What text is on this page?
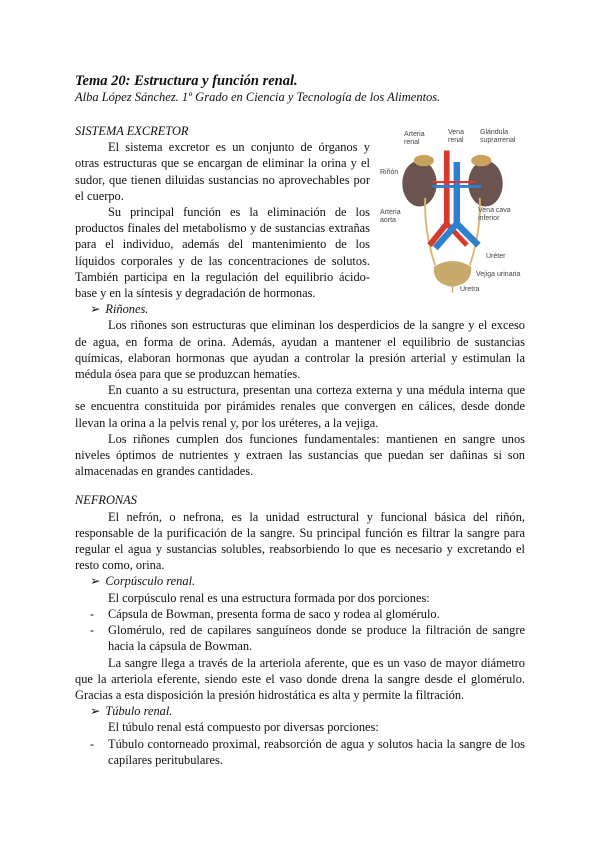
Tema 20: Estructura y función renal.
Alba López Sánchez. 1º Grado en Ciencia y Tecnología de los Alimentos.
Arteria renal
Riñón
Vena renal
Glándula suprarrenal
Arteria aorta
Vena cava inferior
Uréter
Vejiga urinaria
Uretra

SISTEMA EXCRETOR

El sistema excretor es un conjunto de órganos y otras estructuras que se encargan de eliminar la orina y el sudor, que tienen diluidas sustancias no aprovechables por el cuerpo.

Su principal función es la eliminación de los productos finales del metabolismo y de sustancias extrañas para el individuo, además del mantenimiento de los líquidos corporales y de las concentraciones de solutos. También participa en la regulación del equilibrio ácido-base y en la síntesis y degradación de hormonas.

➢ Riñones.

Los riñones son estructuras que eliminan los desperdicios de la sangre y el exceso de agua, en forma de orina. Además, ayudan a mantener el equilibrio de sustancias químicas, elaboran hormonas que ayudan a controlar la presión arterial y estimulan la médula ósea para que se produzcan hematíes.

En cuanto a su estructura, presentan una corteza externa y una médula interna que se encuentra constituida por pirámides renales que convergen en cálices, desde donde llevan la orina a la pelvis renal y, por los uréteres, a la vejiga.

Los riñones cumplen dos funciones fundamentales: mantienen en sangre unos niveles óptimos de nutrientes y extraen las sustancias que puedan ser dañinas si son almacenadas en grandes cantidades.

NEFRONAS

El nefrón, o nefrona, es la unidad estructural y funcional básica del riñón, responsable de la purificación de la sangre. Su principal función es filtrar la sangre para regular el agua y sustancias solubles, reabsorbiendo lo que es necesario y excretando el resto como, orina.

➢ Corpúsculo renal.

El corpúsculo renal es una estructura formada por dos porciones:

- Cápsula de Bowman, presenta forma de saco y rodea al glomérulo.

- Glomérulo, red de capilares sanguíneos donde se produce la filtración de sangre hacia la cápsula de Bowman.

La sangre llega a través de la arteriola aferente, que es un vaso de mayor diámetro que la arteriola eferente, siendo este el vaso donde drena la sangre desde el glomérulo. Gracias a esta disposición la presión hidrostática es alta y permite la filtración.

➢ Túbulo renal.

El túbulo renal está compuesto por diversas porciones:

- Túbulo contorneado proximal, reabsorción de agua y solutos hacia la sangre de los capilares peritubulares.
